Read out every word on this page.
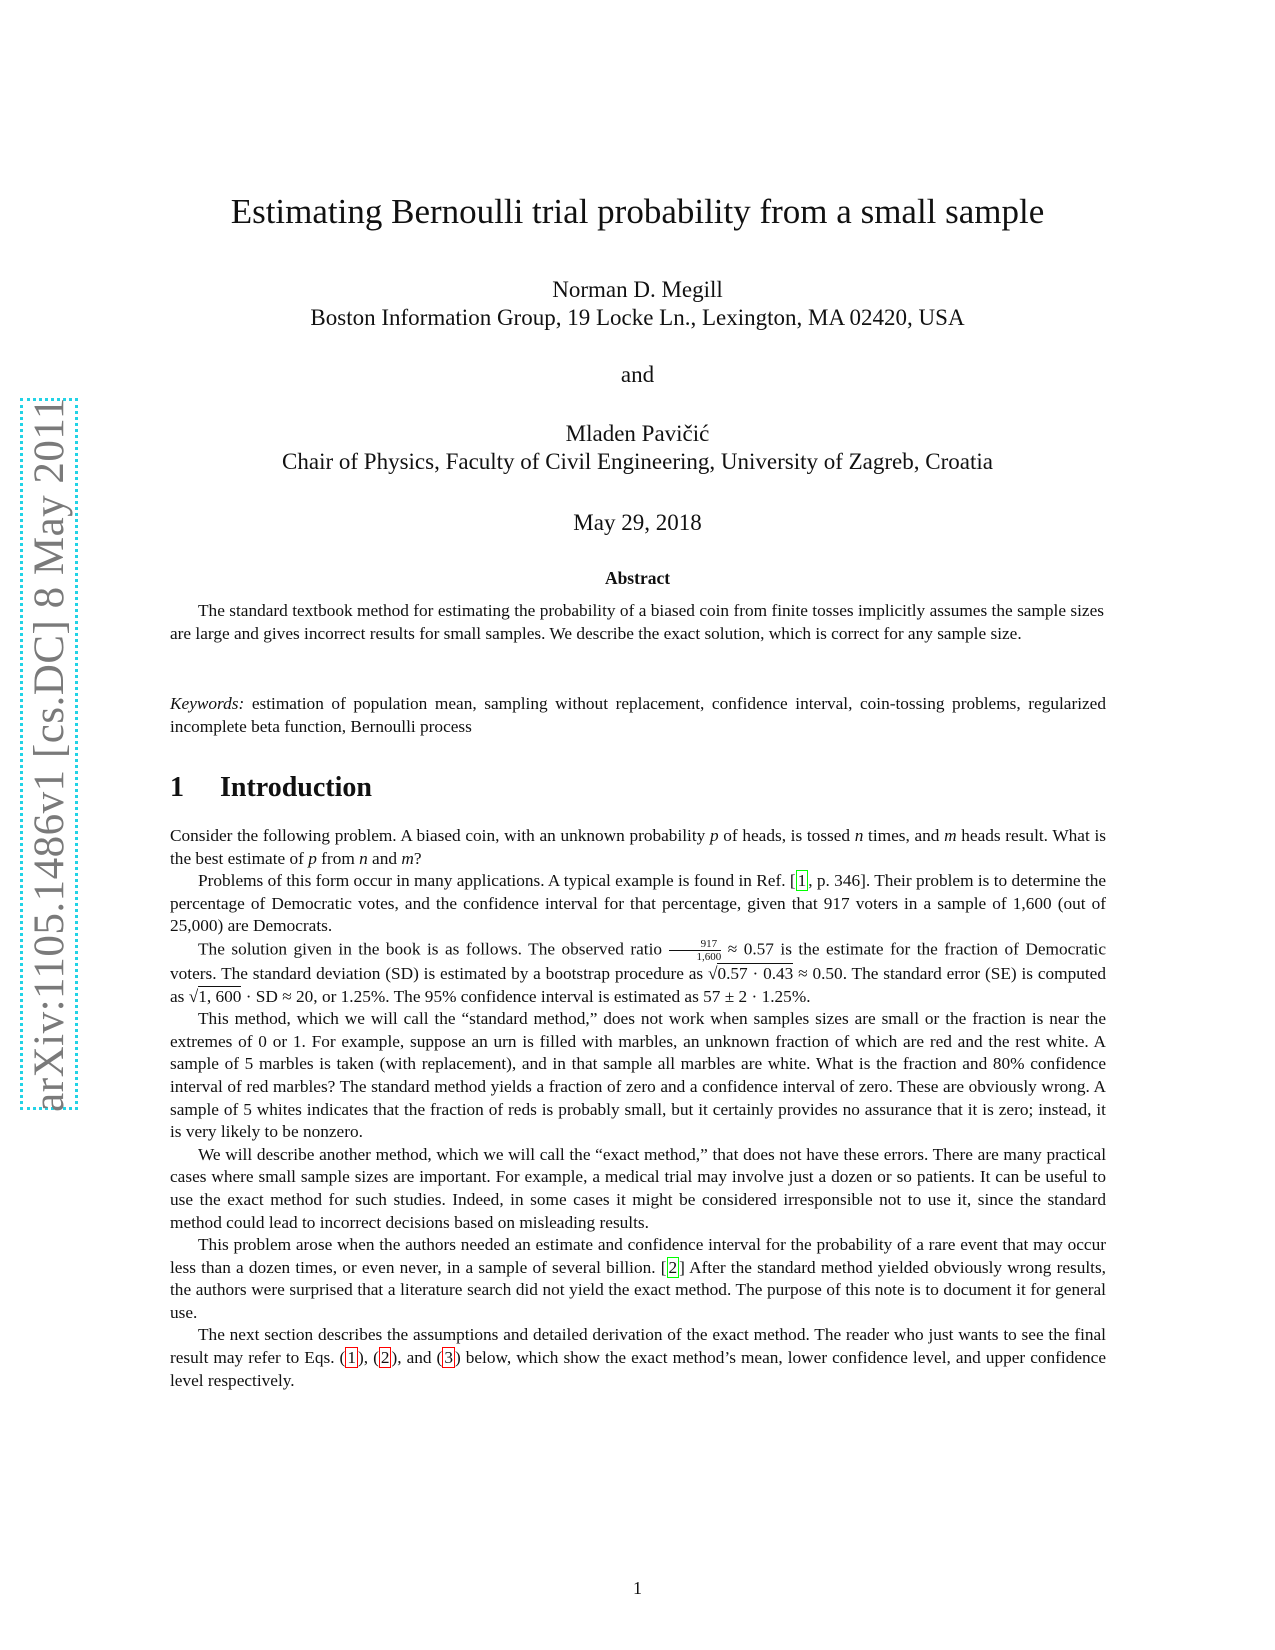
arXiv:1105.1486v1 [cs.DC] 8 May 2011
Estimating Bernoulli trial probability from a small sample
Norman D. Megill
Boston Information Group, 19 Locke Ln., Lexington, MA 02420, USA
and
Mladen Pavičić
Chair of Physics, Faculty of Civil Engineering, University of Zagreb, Croatia
May 29, 2018
Abstract

The standard textbook method for estimating the probability of a biased coin from finite tosses implicitly assumes the sample sizes are large and gives incorrect results for small samples. We describe the exact solution, which is correct for any sample size.

Keywords: estimation of population mean, sampling without replacement, confidence interval, coin-tossing problems, regularized incomplete beta function, Bernoulli process

1 Introduction

Consider the following problem. A biased coin, with an unknown probability p of heads, is tossed n times, and m heads result. What is the best estimate of p from n and m?

Problems of this form occur in many applications. A typical example is found in Ref. [ 1 , p. 346]. Their problem is to determine the percentage of Democratic votes, and the confidence interval for that percentage, given that 917 voters in a sample of 1,600 (out of 25,000) are Democrats.

The solution given in the book is as follows. The observed ratio $\frac{917}{1,600} \approx 0.57$ is the estimate for the fraction of Democratic voters. The standard deviation (SD) is estimated by a bootstrap procedure as √0.57 · 0.43 ≈ 0.50. The standard error (SE) is computed as √1, 600 · SD ≈ 20, or 1.25%. The 95% confidence interval is estimated as 57 ± 2 · 1.25%.

This method, which we will call the “standard method,” does not work when samples sizes are small or the fraction is near the extremes of 0 or 1. For example, suppose an urn is filled with marbles, an unknown fraction of which are red and the rest white. A sample of 5 marbles is taken (with replacement), and in that sample all marbles are white. What is the fraction and 80% confidence interval of red marbles? The standard method yields a fraction of zero and a confidence interval of zero. These are obviously wrong. A sample of 5 whites indicates that the fraction of reds is probably small, but it certainly provides no assurance that it is zero; instead, it is very likely to be nonzero.

We will describe another method, which we will call the “exact method,” that does not have these errors. There are many practical cases where small sample sizes are important. For example, a medical trial may involve just a dozen or so patients. It can be useful to use the exact method for such studies. Indeed, in some cases it might be considered irresponsible not to use it, since the standard method could lead to incorrect decisions based on misleading results.

This problem arose when the authors needed an estimate and confidence interval for the probability of a rare event that may occur less than a dozen times, or even never, in a sample of several billion. [ 2 ] After the standard method yielded obviously wrong results, the authors were surprised that a literature search did not yield the exact method. The purpose of this note is to document it for general use.

The next section describes the assumptions and detailed derivation of the exact method. The reader who just wants to see the final result may refer to Eqs. ( 1 ), ( 2 ), and ( 3 ) below, which show the exact method’s mean, lower confidence level, and upper confidence level respectively.

1
